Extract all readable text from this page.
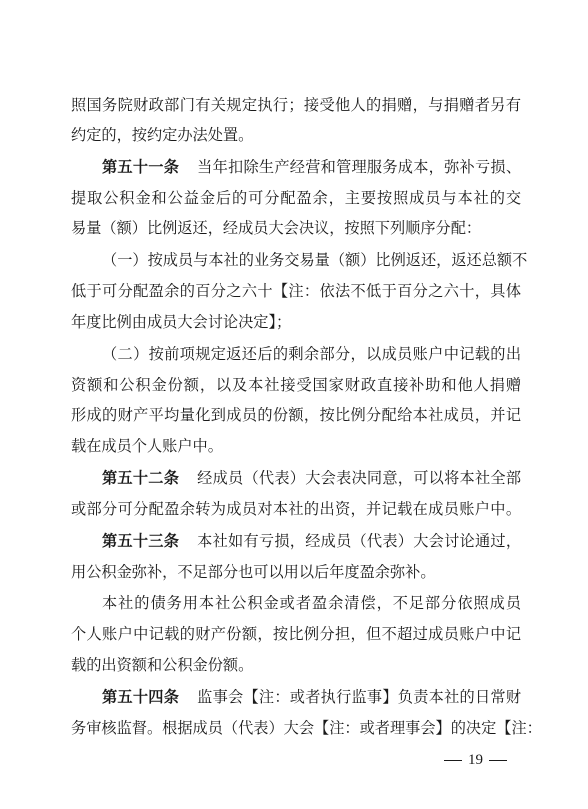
照国务院财政部门有关规定执行；接受他人的捐赠，与捐赠者另有
约定的，按约定办法处置。
第五十一条 当年扣除生产经营和管理服务成本，弥补亏损、
提取公积金和公益金后的可分配盈余，主要按照成员与本社的交
易量（额）比例返还，经成员大会决议，按照下列顺序分配：
（一）按成员与本社的业务交易量（额）比例返还，返还总额不
低于可分配盈余的百分之六十【注：依法不低于百分之六十，具体
年度比例由成员大会讨论决定】；
（二）按前项规定返还后的剩余部分，以成员账户中记载的出
资额和公积金份额，以及本社接受国家财政直接补助和他人捐赠
形成的财产平均量化到成员的份额，按比例分配给本社成员，并记
载在成员个人账户中。
第五十二条 经成员（代表）大会表决同意，可以将本社全部
或部分可分配盈余转为成员对本社的出资，并记载在成员账户中。
第五十三条 本社如有亏损，经成员（代表）大会讨论通过，
用公积金弥补，不足部分也可以用以后年度盈余弥补。
本社的债务用本社公积金或者盈余清偿，不足部分依照成员
个人账户中记载的财产份额，按比例分担，但不超过成员账户中记
载的出资额和公积金份额。
第五十四条 监事会【注：或者执行监事】负责本社的日常财
务审核监督。根据成员（代表）大会【注：或者理事会】的决定【注：
19
